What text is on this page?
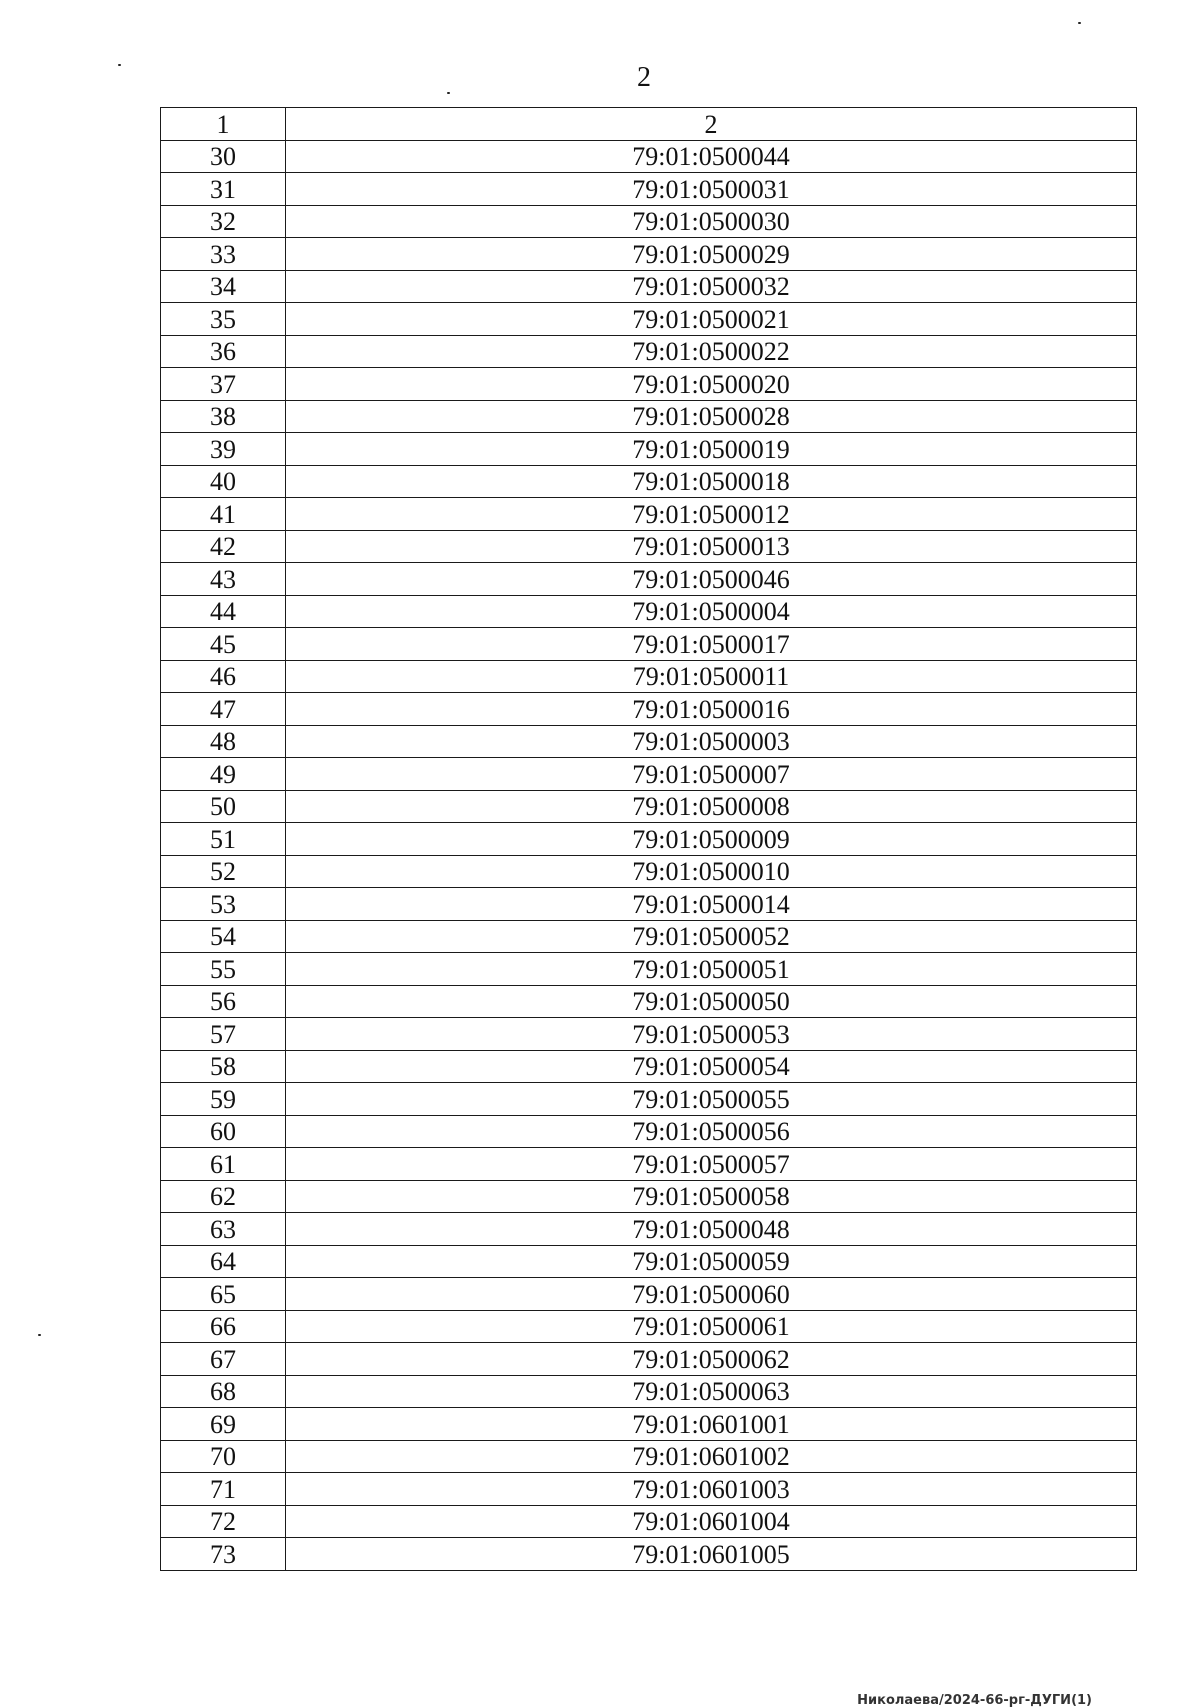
2
1	2
30	79:01:0500044
31	79:01:0500031
32	79:01:0500030
33	79:01:0500029
34	79:01:0500032
35	79:01:0500021
36	79:01:0500022
37	79:01:0500020
38	79:01:0500028
39	79:01:0500019
40	79:01:0500018
41	79:01:0500012
42	79:01:0500013
43	79:01:0500046
44	79:01:0500004
45	79:01:0500017
46	79:01:0500011
47	79:01:0500016
48	79:01:0500003
49	79:01:0500007
50	79:01:0500008
51	79:01:0500009
52	79:01:0500010
53	79:01:0500014
54	79:01:0500052
55	79:01:0500051
56	79:01:0500050
57	79:01:0500053
58	79:01:0500054
59	79:01:0500055
60	79:01:0500056
61	79:01:0500057
62	79:01:0500058
63	79:01:0500048
64	79:01:0500059
65	79:01:0500060
66	79:01:0500061
67	79:01:0500062
68	79:01:0500063
69	79:01:0601001
70	79:01:0601002
71	79:01:0601003
72	79:01:0601004
73	79:01:0601005
Николаева/2024-66-рг-ДУГИ(1)
